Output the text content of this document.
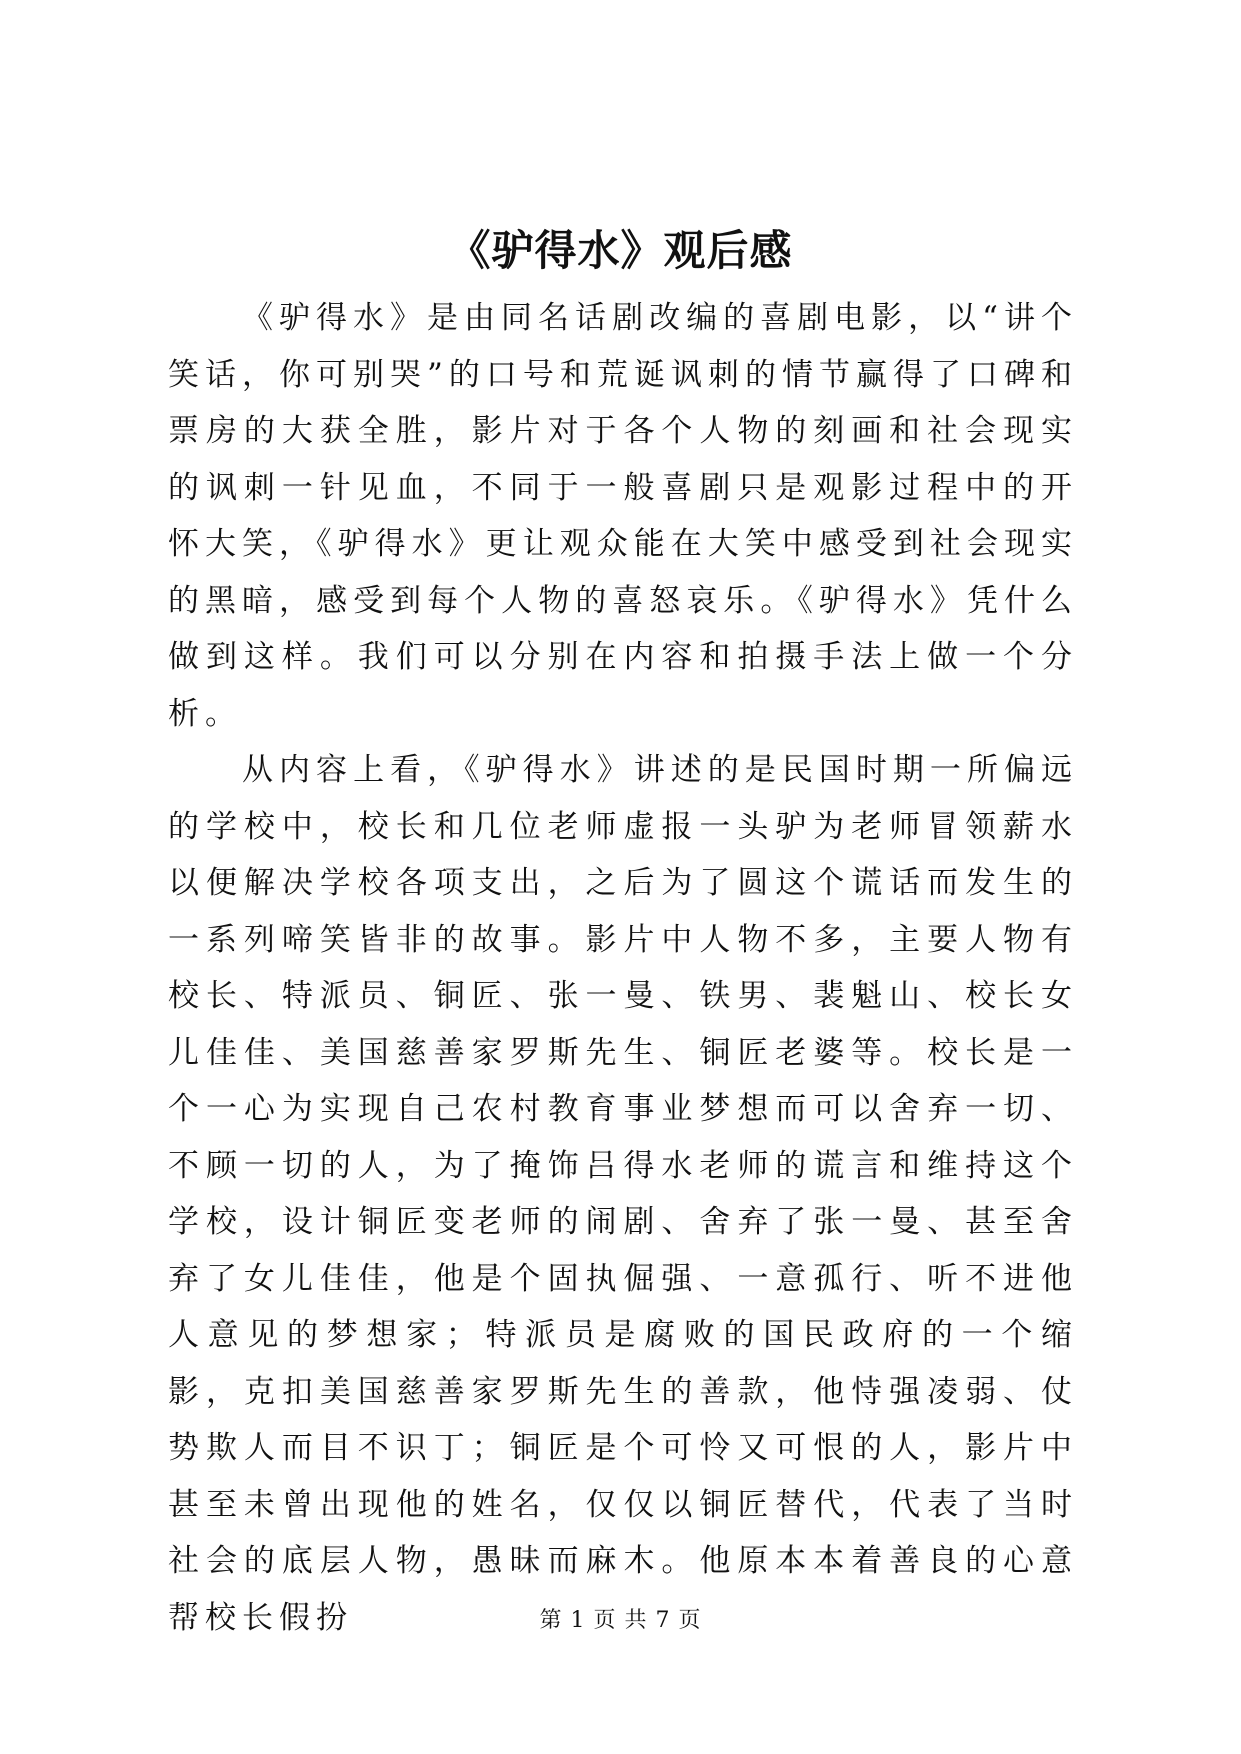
《驴得水》观后感

《驴得水》是由同名话剧改编的喜剧电影，以“讲个笑话，你可别哭”的口号和荒诞讽刺的情节赢得了口碑和票房的大获全胜，影片对于各个人物的刻画和社会现实的讽刺一针见血，不同于一般喜剧只是观影过程中的开怀大笑，《驴得水》更让观众能在大笑中感受到社会现实的黑暗，感受到每个人物的喜怒哀乐。《驴得水》凭什么做到这样。我们可以分别在内容和拍摄手法上做一个分析。

从内容上看，《驴得水》讲述的是民国时期一所偏远的学校中，校长和几位老师虚报一头驴为老师冒领薪水以便解决学校各项支出，之后为了圆这个谎话而发生的一系列啼笑皆非的故事。影片中人物不多，主要人物有校长、特派员、铜匠、张一曼、铁男、裴魁山、校长女儿佳佳、美国慈善家罗斯先生、铜匠老婆等。校长是一个一心为实现自己农村教育事业梦想而可以舍弃一切、不顾一切的人，为了掩饰吕得水老师的谎言和维持这个学校，设计铜匠变老师的闹剧、舍弃了张一曼、甚至舍弃了女儿佳佳，他是个固执倔强、一意孤行、听不进他人意见的梦想家；特派员是腐败的国民政府的一个缩影，克扣美国慈善家罗斯先生的善款，他恃强凌弱、仗势欺人而目不识丁；铜匠是个可怜又可恨的人，影片中甚至未曾出现他的姓名，仅仅以铜匠替代，代表了当时社会的底层人物，愚昧而麻木。他原本本着善良的心意帮校长假扮	第 1 页 共 7 页
